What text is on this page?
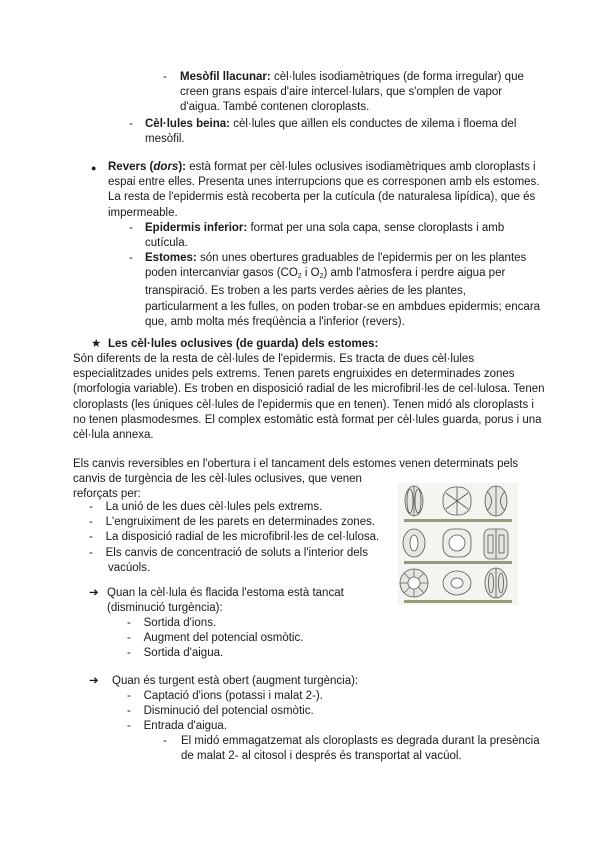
- Mesòfil llacunar: cèl·lules isodiamètriques (de forma irregular) que
creen grans espais d'aire intercel·lulars, que s'omplen de vapor
d'aigua. També contenen cloroplasts.
- Cèl·lules beina: cèl·lules que aïllen els conductes de xilema i floema del
mesòfil.
● Revers (dors): està format per cèl·lules oclusives isodiamètriques amb cloroplasts i
espai entre elles. Presenta unes interrupcions que es corresponen amb els estomes.
La resta de l'epidermis està recoberta per la cutícula (de naturalesa lipídica), que és
impermeable.
- Epidermis inferior: format per una sola capa, sense cloroplasts i amb
cutícula.
- Estomes: són unes obertures graduables de l'epidermis per on les plantes
poden intercanviar gasos ($CO_2$ i $O_2$) amb l'atmosfera i perdre aigua per
transpiració. Es troben a les parts verdes aèries de les plantes,
particularment a les fulles, on poden trobar-se en ambdues epidermis; encara
que, amb molta més freqüència a l'inferior (revers).
★ Les cèl·lules oclusives (de guarda) dels estomes:
Són diferents de la resta de cèl·lules de l'epidermis. Es tracta de dues cèl·lules
especialitzades unides pels extrems. Tenen parets engruixides en determinades zones
(morfologia variable). Es troben en disposició radial de les microfibril·les de cel·lulosa. Tenen
cloroplasts (les úniques cèl·lules de l'epidermis que en tenen). Tenen midó als cloroplasts i
no tenen plasmodesmes. El complex estomàtic està format per cèl·lules guarda, porus i una
cèl·lula annexa.
Els canvis reversibles en l'obertura i el tancament dels estomes venen determinats pels
canvis de turgència de les cèl·lules oclusives, que venen
reforçats per:
- La unió de les dues cèl·lules pels extrems.
- L'engruiximent de les parets en determinades zones.
- La disposició radial de les microfibril·les de cel·lulosa.
- Els canvis de concentració de soluts a l'interior dels
vacúols.
➔ Quan la cèl·lula és flacida l'estoma està tancat
(disminució turgència):
- Sortida d'ions.
- Augment del potencial osmòtic.
- Sortida d'aigua.
➔ Quan és turgent està obert (augment turgència):
- Captació d'ions (potassi i malat 2-).
- Disminució del potencial osmòtic.
- Entrada d'aigua.
- El midó emmagatzemat als cloroplasts es degrada durant la presència
de malat 2- al citosol i després és transportat al vacúol.
